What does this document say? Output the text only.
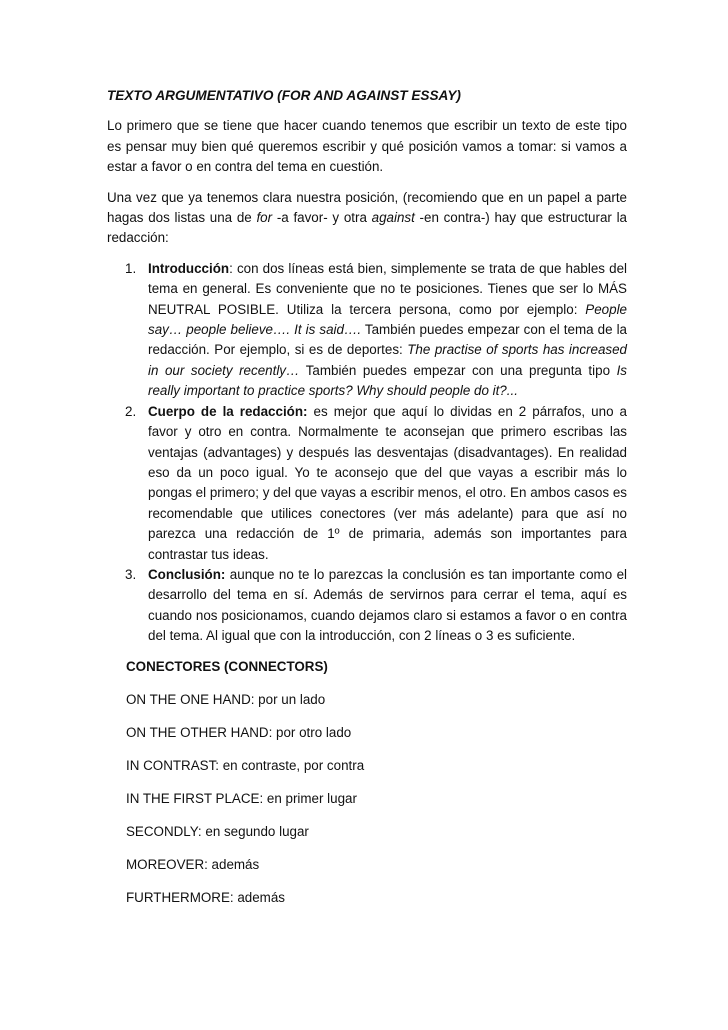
TEXTO ARGUMENTATIVO (FOR AND AGAINST ESSAY)

Lo primero que se tiene que hacer cuando tenemos que escribir un texto de este tipo es pensar muy bien qué queremos escribir y qué posición vamos a tomar: si vamos a estar a favor o en contra del tema en cuestión.

Una vez que ya tenemos clara nuestra posición, (recomiendo que en un papel a parte hagas dos listas una de for -a favor- y otra against -en contra-) hay que estructurar la redacción:

1. Introducción: con dos líneas está bien, simplemente se trata de que hables del tema en general. Es conveniente que no te posiciones. Tienes que ser lo MÁS NEUTRAL POSIBLE. Utiliza la tercera persona, como por ejemplo: People say… people believe…. It is said…. También puedes empezar con el tema de la redacción. Por ejemplo, si es de deportes: The practise of sports has increased in our society recently… También puedes empezar con una pregunta tipo Is really important to practice sports? Why should people do it?...
2. Cuerpo de la redacción: es mejor que aquí lo dividas en 2 párrafos, uno a favor y otro en contra. Normalmente te aconsejan que primero escribas las ventajas (advantages) y después las desventajas (disadvantages). En realidad eso da un poco igual. Yo te aconsejo que del que vayas a escribir más lo pongas el primero; y del que vayas a escribir menos, el otro. En ambos casos es recomendable que utilices conectores (ver más adelante) para que así no parezca una redacción de 1º de primaria, además son importantes para contrastar tus ideas.
3. Conclusión: aunque no te lo parezcas la conclusión es tan importante como el desarrollo del tema en sí. Además de servirnos para cerrar el tema, aquí es cuando nos posicionamos, cuando dejamos claro si estamos a favor o en contra del tema. Al igual que con la introducción, con 2 líneas o 3 es suficiente.
CONECTORES (CONNECTORS)
ON THE ONE HAND: por un lado
ON THE OTHER HAND: por otro lado
IN CONTRAST: en contraste, por contra
IN THE FIRST PLACE: en primer lugar
SECONDLY: en segundo lugar
MOREOVER: además
FURTHERMORE: además
